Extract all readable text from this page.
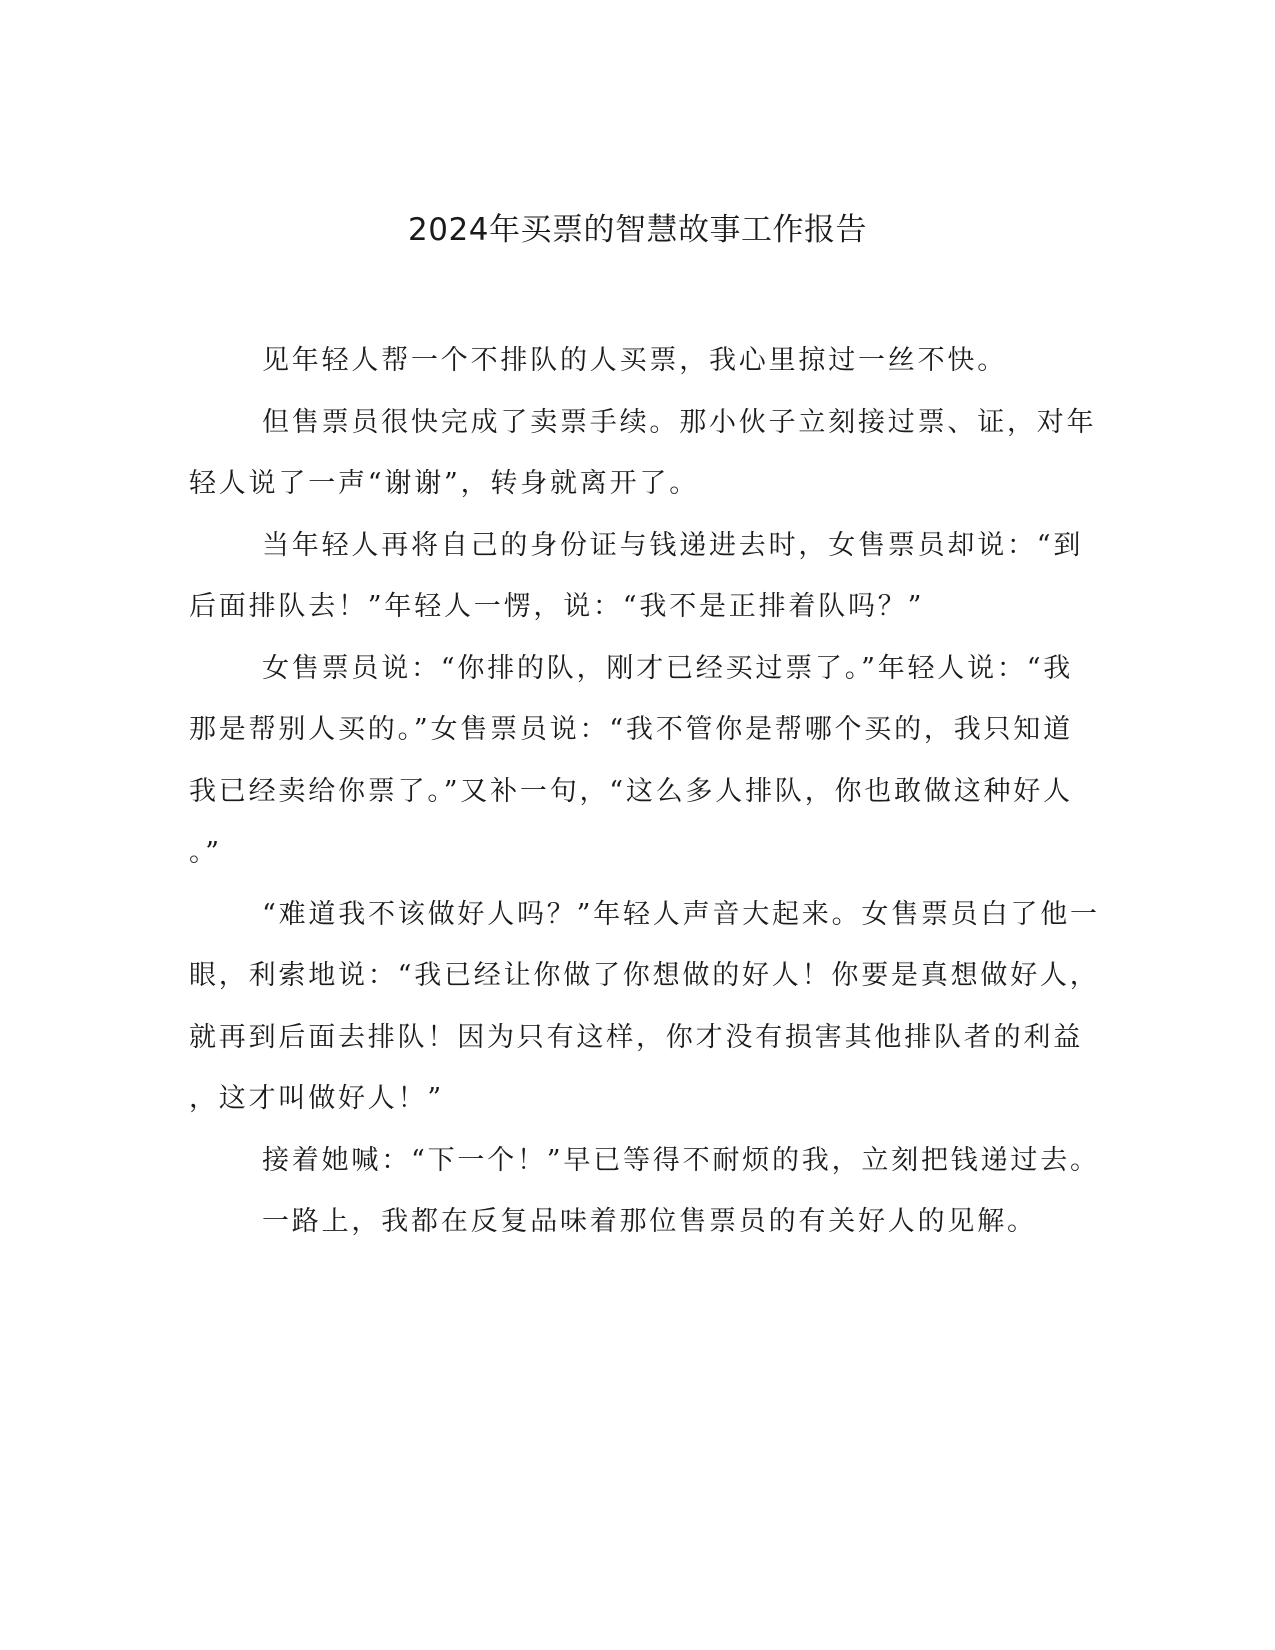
2024年买票的智慧故事工作报告
见年轻人帮一个不排队的人买票，我心里掠过一丝不快。
但售票员很快完成了卖票手续。那小伙子立刻接过票、证，对年
轻人说了一声“谢谢”，转身就离开了。
当年轻人再将自己的身份证与钱递进去时，女售票员却说：“到
后面排队去！”年轻人一愣，说：“我不是正排着队吗？”
女售票员说：“你排的队，刚才已经买过票了。”年轻人说：“我
那是帮别人买的。”女售票员说：“我不管你是帮哪个买的，我只知道
我已经卖给你票了。”又补一句，“这么多人排队，你也敢做这种好人
。”
“难道我不该做好人吗？”年轻人声音大起来。女售票员白了他一
眼，利索地说：“我已经让你做了你想做的好人！你要是真想做好人，
就再到后面去排队！因为只有这样，你才没有损害其他排队者的利益
，这才叫做好人！”
接着她喊：“下一个！”早已等得不耐烦的我，立刻把钱递过去。
一路上，我都在反复品味着那位售票员的有关好人的见解。
